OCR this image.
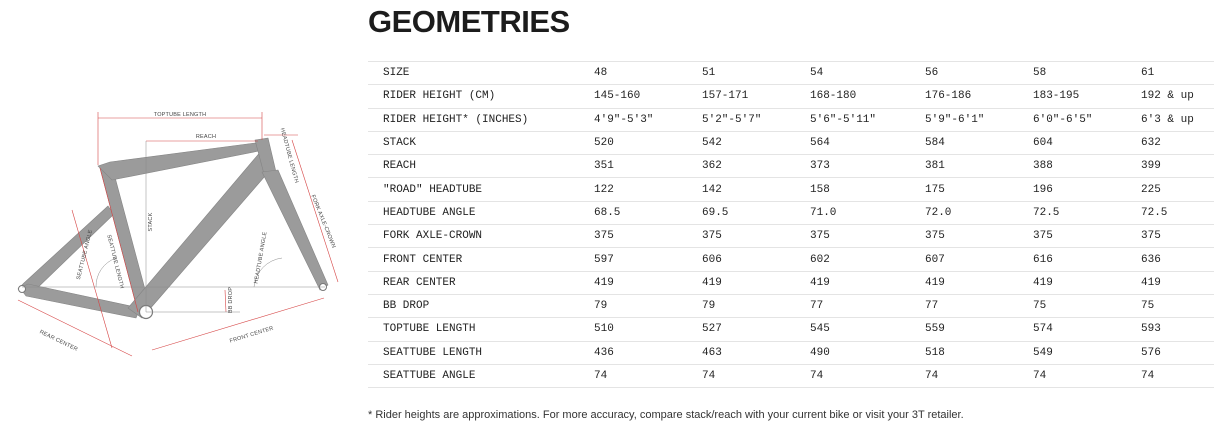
TOPTUBE LENGTH
REACH	HEADTUBE LENGTH
FORK AXLE-CROWN
STACK
SEATTUBE ANGLE SEATTUBE LENGTH	HEADTUBE ANGLE
BB DROP
REAR CENTER	FRONT CENTER
GEOMETRIES
SIZE	48	51	54	56	58	61
RIDER HEIGHT (CM)	145-160	157-171	168-180	176-186	183-195	192 & up
RIDER HEIGHT* (INCHES)	4'9"-5'3"	5'2"-5'7"	5'6"-5'11"	5'9"-6'1"	6'0"-6'5"	6'3 & up
STACK	520	542	564	584	604	632
REACH	351	362	373	381	388	399
"ROAD" HEADTUBE	122	142	158	175	196	225
HEADTUBE ANGLE	68.5	69.5	71.0	72.0	72.5	72.5
FORK AXLE-CROWN	375	375	375	375	375	375
FRONT CENTER	597	606	602	607	616	636
REAR CENTER	419	419	419	419	419	419
BB DROP	79	79	77	77	75	75
TOPTUBE LENGTH	510	527	545	559	574	593
SEATTUBE LENGTH	436	463	490	518	549	576
SEATTUBE ANGLE	74	74	74	74	74	74

* Rider heights are approximations. For more accuracy, compare stack/reach with your current bike or visit your 3T retailer.
